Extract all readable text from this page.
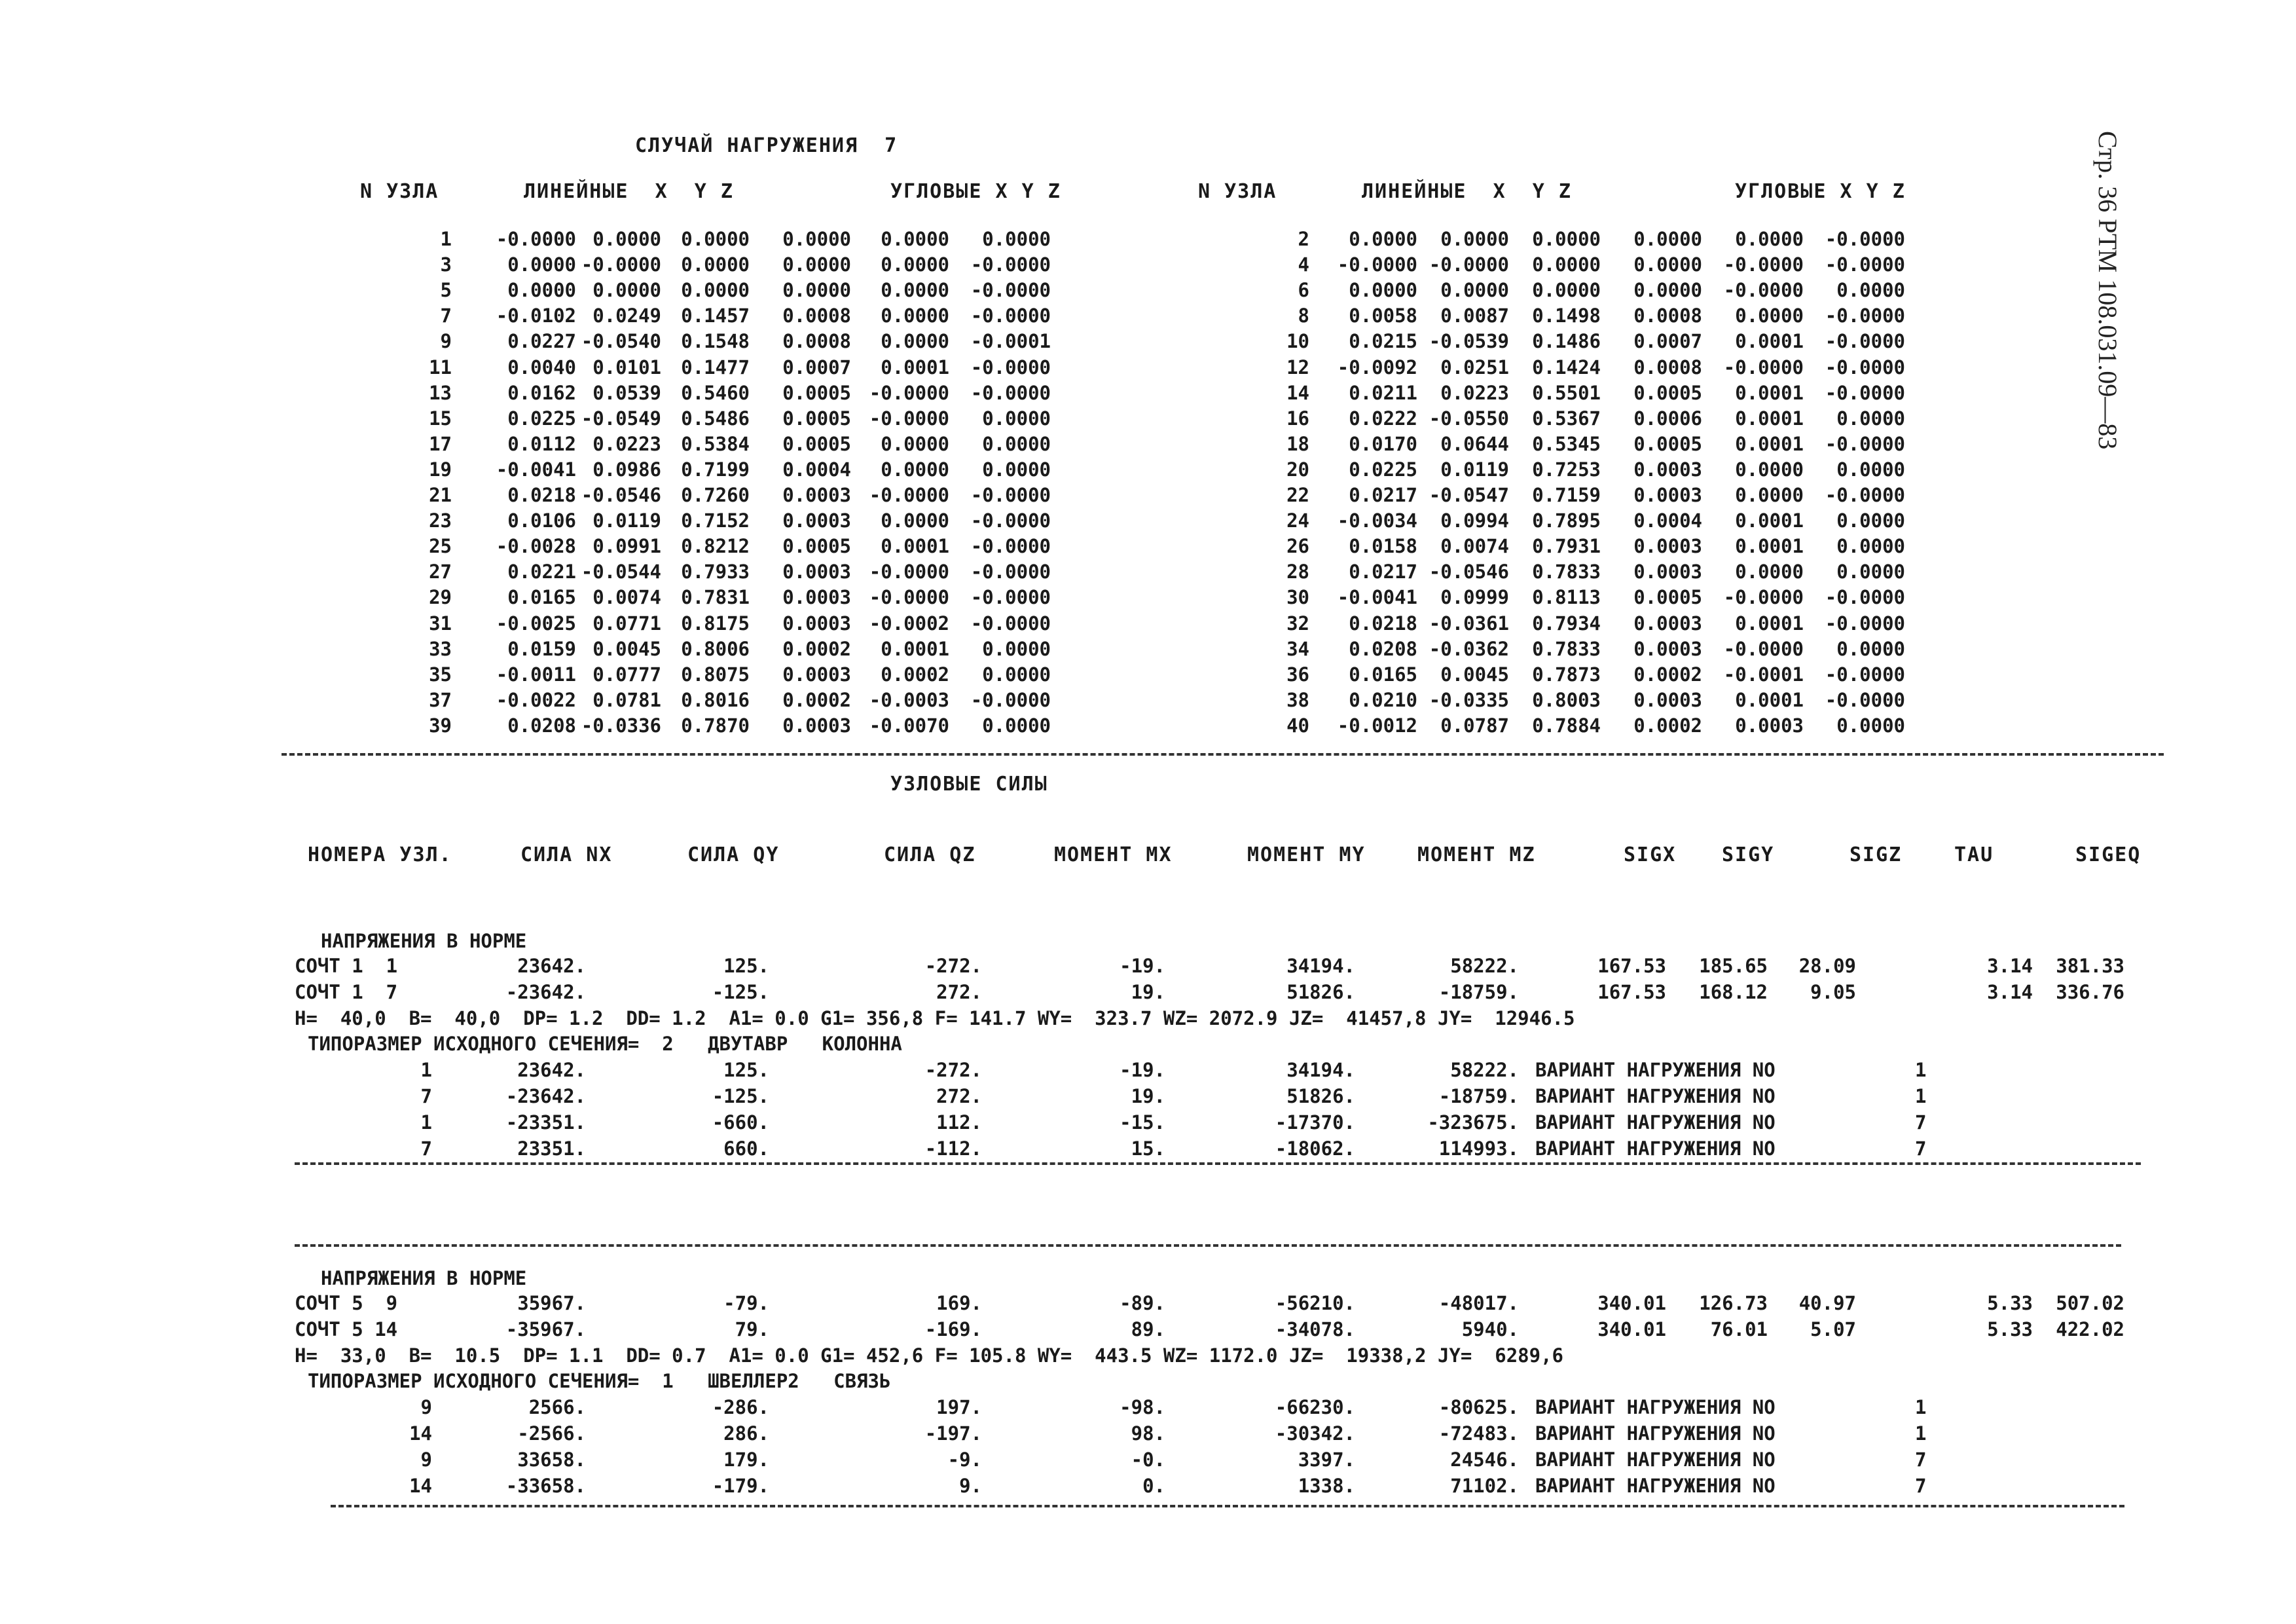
Стр. 36 РТМ 108.031.09—83
СЛУЧАЙ НАГРУЖЕНИЯ  7
N УЗЛА	ЛИНЕЙНЫЕ  X  Y Z	УГЛОВЫЕ X Y Z	N УЗЛА	ЛИНЕЙНЫЕ  X  Y Z	УГЛОВЫЕ X Y Z
1	-0.0000 0.0000	0.0000	0.0000	0.0000	0.0000	2	0.0000	0.0000	0.0000	0.0000	0.0000	-0.0000
3	0.0000 -0.0000	0.0000	0.0000	0.0000	-0.0000	4	-0.0000 -0.0000	0.0000	0.0000	-0.0000	-0.0000
5	0.0000 0.0000	0.0000	0.0000	0.0000	-0.0000	6	0.0000	0.0000	0.0000	0.0000	-0.0000	0.0000
7	-0.0102 0.0249	0.1457	0.0008	0.0000	-0.0000	8	0.0058	0.0087	0.1498	0.0008	0.0000	-0.0000
9	0.0227 -0.0540	0.1548	0.0008	0.0000	-0.0001	10	0.0215 -0.0539	0.1486	0.0007	0.0001	-0.0000
11	0.0040 0.0101	0.1477	0.0007	0.0001	-0.0000	12	-0.0092	0.0251	0.1424	0.0008	-0.0000	-0.0000
13	0.0162 0.0539	0.5460	0.0005 -0.0000	-0.0000	14	0.0211	0.0223	0.5501	0.0005	0.0001	-0.0000
15	0.0225 -0.0549	0.5486	0.0005 -0.0000	0.0000	16	0.0222 -0.0550	0.5367	0.0006	0.0001	0.0000
17	0.0112 0.0223	0.5384	0.0005	0.0000	0.0000	18	0.0170	0.0644	0.5345	0.0005	0.0001	-0.0000
19	-0.0041 0.0986	0.7199	0.0004	0.0000	0.0000	20	0.0225	0.0119	0.7253	0.0003	0.0000	0.0000
21	0.0218 -0.0546	0.7260	0.0003 -0.0000	-0.0000	22	0.0217 -0.0547	0.7159	0.0003	0.0000	-0.0000
23	0.0106 0.0119	0.7152	0.0003	0.0000	-0.0000	24	-0.0034	0.0994	0.7895	0.0004	0.0001	0.0000
25	-0.0028 0.0991	0.8212	0.0005	0.0001	-0.0000	26	0.0158	0.0074	0.7931	0.0003	0.0001	0.0000
27	0.0221 -0.0544	0.7933	0.0003 -0.0000	-0.0000	28	0.0217 -0.0546	0.7833	0.0003	0.0000	0.0000
29	0.0165 0.0074	0.7831	0.0003 -0.0000	-0.0000	30	-0.0041	0.0999	0.8113	0.0005	-0.0000	-0.0000
31	-0.0025 0.0771	0.8175	0.0003 -0.0002	-0.0000	32	0.0218 -0.0361	0.7934	0.0003	0.0001	-0.0000
33	0.0159 0.0045	0.8006	0.0002	0.0001	0.0000	34	0.0208 -0.0362	0.7833	0.0003	-0.0000	0.0000
35	-0.0011 0.0777	0.8075	0.0003	0.0002	0.0000	36	0.0165	0.0045	0.7873	0.0002	-0.0001	-0.0000
37	-0.0022 0.0781	0.8016	0.0002 -0.0003	-0.0000	38	0.0210 -0.0335	0.8003	0.0003	0.0001	-0.0000
39	0.0208 -0.0336	0.7870	0.0003 -0.0070	0.0000	40	-0.0012	0.0787	0.7884	0.0002	0.0003	0.0000
УЗЛОВЫЕ СИЛЫ
НОМЕРА УЗЛ.	СИЛА NX	СИЛА QY	СИЛА QZ	МОМЕНТ MX	МОМЕНТ MY	МОМЕНТ MZ	SIGX SIGY	SIGZ	TAU	SIGEQ
НАПРЯЖЕНИЯ В НОРМЕ
СОЧТ 1  1	23642.	125.	-272.	-19.	34194.	58222.	167.53	185.65	28.09	3.14	381.33
СОЧТ 1  7	-23642.	-125.	272.	19.	51826.	-18759.	167.53	168.12	9.05	3.14	336.76
H=  40,0  B=  40,0  DP= 1.2  DD= 1.2  A1= 0.0 G1= 356,8 F= 141.7 WY=  323.7 WZ= 2072.9 JZ=  41457,8 JY=  12946.5
ТИПОРАЗМЕР ИСХОДНОГО СЕЧЕНИЯ=  2   ДВУТАВР   КОЛОННА
1	23642.	125.	-272.	-19.	34194.	58222. ВАРИАНТ НАГРУЖЕНИЯ NO	1
7	-23642.	-125.	272.	19.	51826.	-18759. ВАРИАНТ НАГРУЖЕНИЯ NO	1
1	-23351.	-660.	112.	-15.	-17370.	-323675. ВАРИАНТ НАГРУЖЕНИЯ NO	7
7	23351.	660.	-112.	15.	-18062.	114993. ВАРИАНТ НАГРУЖЕНИЯ NO	7
НАПРЯЖЕНИЯ В НОРМЕ
СОЧТ 5  9	35967.	-79.	169.	-89.	-56210.	-48017.	340.01	126.73	40.97	5.33	507.02
СОЧТ 5 14	-35967.	79.	-169.	89.	-34078.	5940.	340.01	76.01	5.07	5.33	422.02
H=  33,0  B=  10.5  DP= 1.1  DD= 0.7  A1= 0.0 G1= 452,6 F= 105.8 WY=  443.5 WZ= 1172.0 JZ=  19338,2 JY=  6289,6
ТИПОРАЗМЕР ИСХОДНОГО СЕЧЕНИЯ=  1   ШВЕЛЛЕР2   СВЯЗЬ
9	2566.	-286.	197.	-98.	-66230.	-80625. ВАРИАНТ НАГРУЖЕНИЯ NO	1
14	-2566.	286.	-197.	98.	-30342.	-72483. ВАРИАНТ НАГРУЖЕНИЯ NO	1
9	33658.	179.	-9.	-0.	3397.	24546. ВАРИАНТ НАГРУЖЕНИЯ NO	7
14	-33658.	-179.	9.	0.	1338.	71102. ВАРИАНТ НАГРУЖЕНИЯ NO	7
